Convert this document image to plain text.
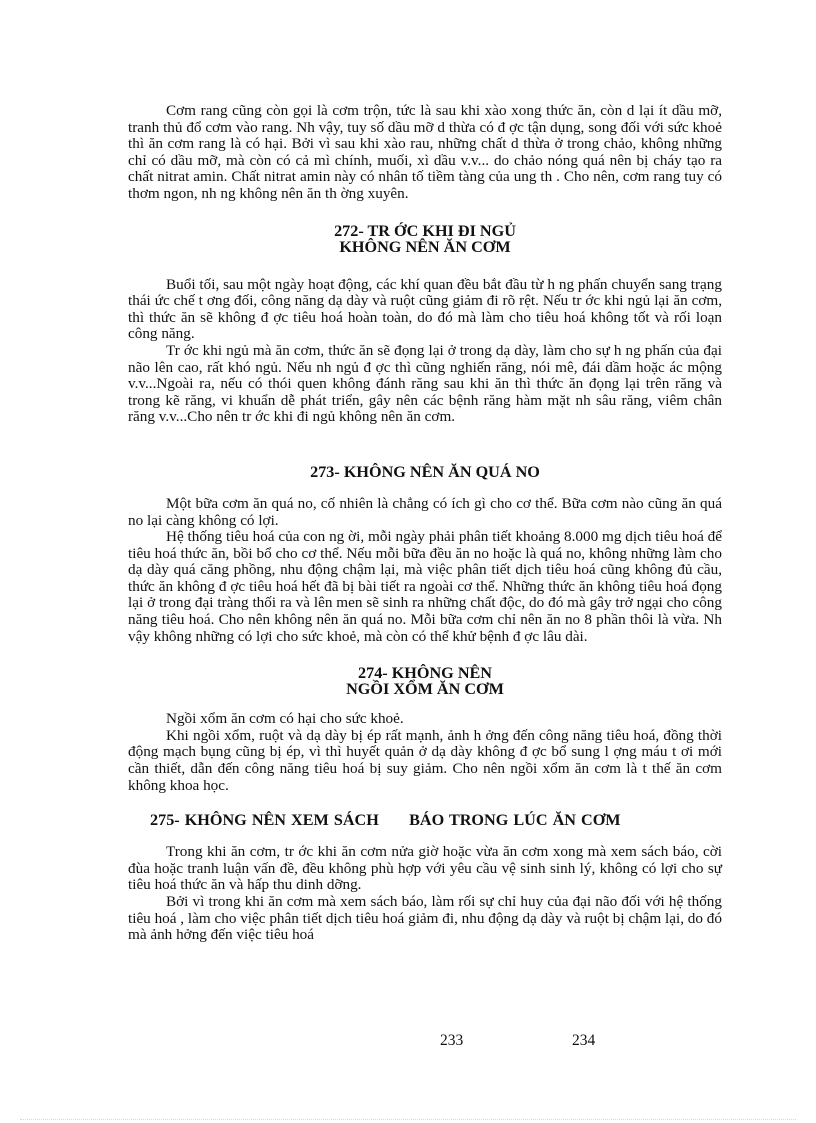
Cơm rang cũng còn gọi là cơm trộn, tức là sau khi xào xong thức ăn, còn d lại ít dầu mỡ, tranh thủ đổ cơm vào rang. Nh vậy, tuy số dầu mỡ d thừa có đ ợc tận dụng, song đối với sức khoẻ thì ăn cơm rang là có hại. Bởi vì sau khi xào rau, những chất d thừa ở trong chảo, không những chỉ có dầu mỡ, mà còn có cả mì chính, muối, xì dầu v.v... do chảo nóng quá nên bị cháy tạo ra chất nitrat amin. Chất nitrat amin này có nhân tố tiềm tàng của ung th . Cho nên, cơm rang tuy có thơm ngon, nh ng không nên ăn th ờng xuyên.

272- TR ỚC KHI ĐI NGỦ
KHÔNG NÊN ĂN CƠM

Buổi tối, sau một ngày hoạt động, các khí quan đều bắt đầu từ h ng phấn chuyển sang trạng thái ức chế t ơng đối, công năng dạ dày và ruột cũng giảm đi rõ rệt. Nếu tr ớc khi ngủ lại ăn cơm, thì thức ăn sẽ không đ ợc tiêu hoá hoàn toàn, do đó mà làm cho tiêu hoá không tốt và rối loạn công năng.

Tr ớc khi ngủ mà ăn cơm, thức ăn sẽ đọng lại ở trong dạ dày, làm cho sự h ng phấn của đại não lên cao, rất khó ngủ. Nếu nh ngủ đ ợc thì cũng nghiến răng, nói mê, đái dầm hoặc ác mộng v.v...Ngoài ra, nếu có thói quen không đánh răng sau khi ăn thì thức ăn đọng lại trên răng và trong kẽ răng, vi khuẩn dễ phát triển, gây nên các bệnh răng hàm mặt nh sâu răng, viêm chân răng v.v...Cho nên tr ớc khi đi ngủ không nên ăn cơm.

273- KHÔNG NÊN ĂN QUÁ NO

Một bữa cơm ăn quá no, cố nhiên là chẳng có ích gì cho cơ thể. Bữa cơm nào cũng ăn quá no lại càng không có lợi.

Hệ thống tiêu hoá của con ng ời, mỗi ngày phải phân tiết khoảng 8.000 mg dịch tiêu hoá để tiêu hoá thức ăn, bồi bổ cho cơ thể. Nếu mỗi bữa đều ăn no hoặc là quá no, không những làm cho dạ dày quá căng phồng, nhu động chậm lại, mà việc phân tiết dịch tiêu hoá cũng không đủ cầu, thức ăn không đ ợc tiêu hoá hết đã bị bài tiết ra ngoài cơ thể. Những thức ăn không tiêu hoá đọng lại ở trong đại tràng thối ra và lên men sẽ sinh ra những chất độc, do đó mà gây trở ngại cho công năng tiêu hoá. Cho nên không nên ăn quá no. Mỗi bữa cơm chỉ nên ăn no 8 phần thôi là vừa. Nh vậy không những có lợi cho sức khoẻ, mà còn có thể khử bệnh đ ợc lâu dài.

274- KHÔNG NÊN
NGỒI XỔM ĂN CƠM

Ngồi xổm ăn cơm có hại cho sức khoẻ.

Khi ngồi xổm, ruột và dạ dày bị ép rất mạnh, ảnh h ởng đến công năng tiêu hoá, đồng thời động mạch bụng cũng bị ép, vì thì huyết quản ở dạ dày không đ ợc bổ sung l ợng máu t ơi mới cần thiết, dẫn đến công năng tiêu hoá bị suy giảm. Cho nên ngồi xổm ăn cơm là t thế ăn cơm không khoa học.

275- KHÔNG NÊN XEM SÁCH      BÁO TRONG LÚC ĂN CƠM

Trong khi ăn cơm, tr ớc khi ăn cơm nửa giờ hoặc vừa ăn cơm xong mà xem sách báo, cời đùa hoặc tranh luận vấn đề, đều không phù hợp với yêu cầu vệ sinh sinh lý, không có lợi cho sự tiêu hoá thức ăn và hấp thu dinh dỡng.

Bởi vì trong khi ăn cơm mà xem sách báo, làm rối sự chỉ huy của đại não đối với hệ thống tiêu hoá , làm cho việc phân tiết dịch tiêu hoá giảm đi, nhu động dạ dày và ruột bị chậm lại, do đó mà ảnh hởng đến việc tiêu hoá

233	234
